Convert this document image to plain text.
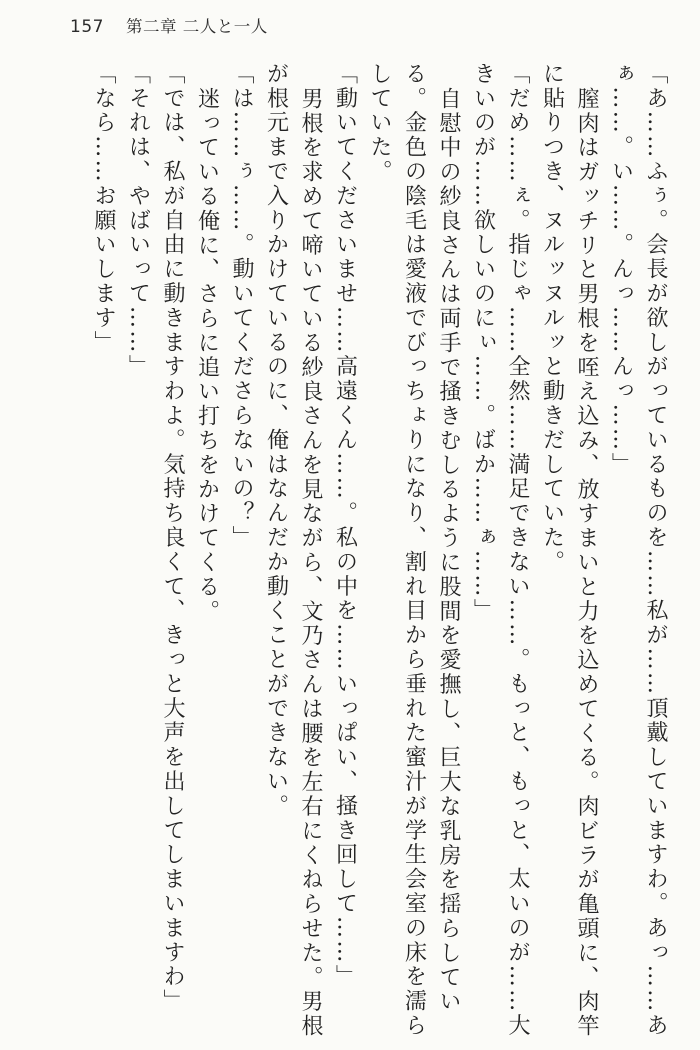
157 第二章 二人と一人

「あ……ふぅ。会長が欲しがっているものを……私が……頂戴していますわ。あっ……あぁ……。い……。んっ……んっ……」

膣肉はガッチリと男根を咥え込み、放すまいと力を込めてくる。肉ビラが亀頭に、肉竿に貼りつき、ヌルッヌルッと動きだしていた。

「だめ……ぇ。指じゃ……全然……満足できない……。もっと、もっと、太いのが……大きいのが……欲しいのにぃ……。ばか……ぁ……」

自慰中の紗良さんは両手で掻きむしるように股間を愛撫し、巨大な乳房を揺らしている。金色の陰毛は愛液でびっちょりになり、割れ目から垂れた蜜汁が学生会室の床を濡らしていた。

「動いてくださいませ……高遠くん……。私の中を……いっぱい、掻き回して……」

男根を求めて啼いている紗良さんを見ながら、文乃さんは腰を左右にくねらせた。男根が根元まで入りかけているのに、俺はなんだか動くことができない。

「は……ぅ……。動いてくださらないの？」

迷っている俺に、さらに追い打ちをかけてくる。

「では、私が自由に動きますわよ。気持ち良くて、きっと大声を出してしまいますわ」

「それは、やばいって……」

「なら……お願いします」
